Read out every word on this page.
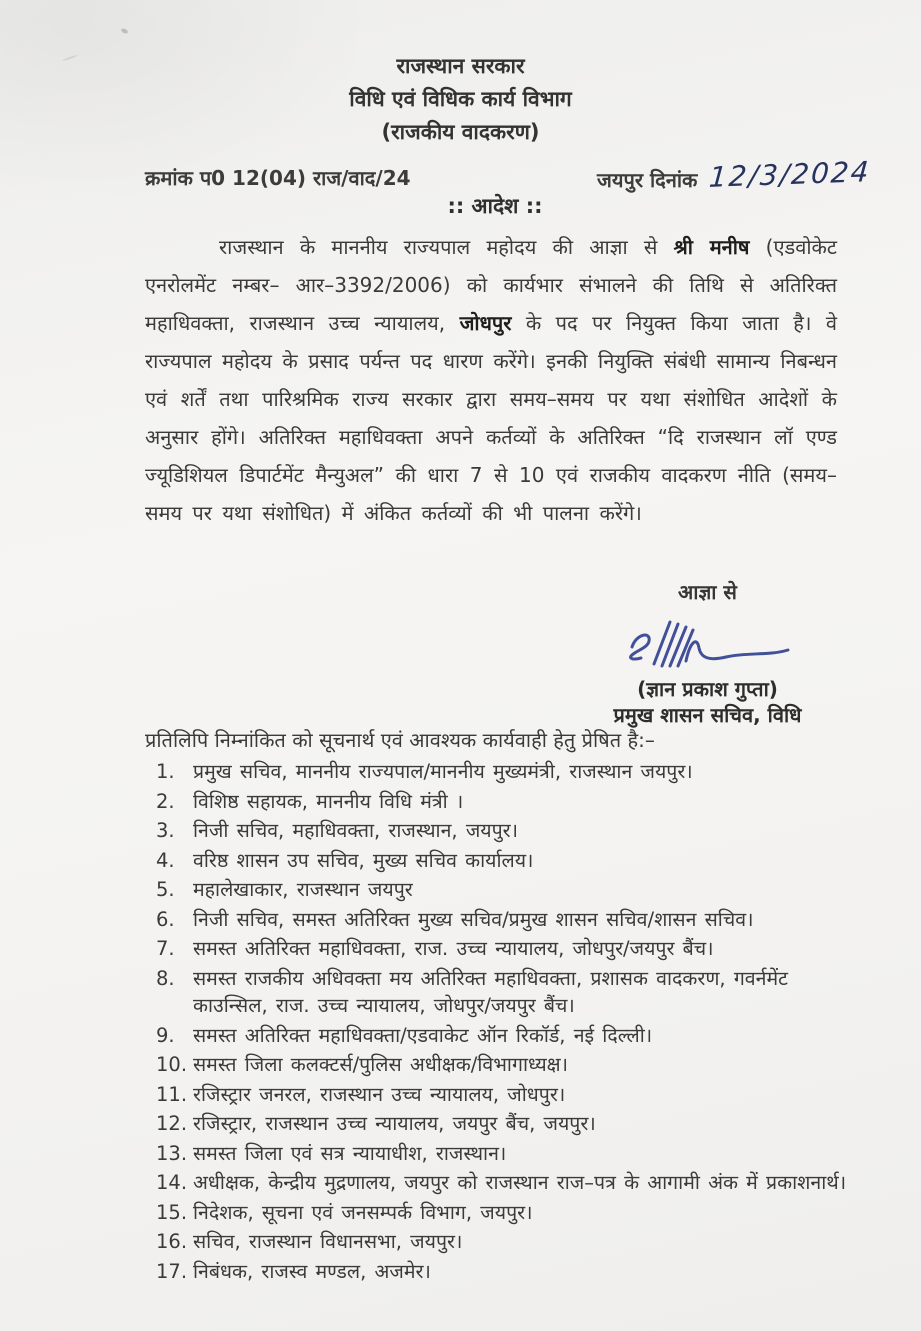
राजस्थान सरकार
विधि एवं विधिक कार्य विभाग
(राजकीय वादकरण)
क्रमांक प0 12(04) राज/वाद/24	जयपुर दिनांक 12/3/2024
:: आदेश ::

राजस्थान के माननीय राज्यपाल महोदय की आज्ञा से श्री मनीष (एडवोकेट एनरोलमेंट नम्बर– आर–3392/2006) को कार्यभार संभालने की तिथि से अतिरिक्त महाधिवक्ता, राजस्थान उच्च न्यायालय, जोधपुर के पद पर नियुक्त किया जाता है। वे राज्यपाल महोदय के प्रसाद पर्यन्त पद धारण करेंगे। इनकी नियुक्ति संबंधी सामान्य निबन्धन एवं शर्तें तथा पारिश्रमिक राज्य सरकार द्वारा समय–समय पर यथा संशोधित आदेशों के अनुसार होंगे। अतिरिक्त महाधिवक्ता अपने कर्तव्यों के अतिरिक्त “दि राजस्थान लॉ एण्ड ज्यूडिशियल डिपार्टमेंट मैन्युअल” की धारा 7 से 10 एवं राजकीय वादकरण नीति (समय–समय पर यथा संशोधित) में अंकित कर्तव्यों की भी पालना करेंगे।

आज्ञा से
(ज्ञान प्रकाश गुप्ता)
प्रमुख शासन सचिव, विधि
प्रतिलिपि निम्नांकित को सूचनार्थ एवं आवश्यक कार्यवाही हेतु प्रेषित है:–
1. प्रमुख सचिव, माननीय राज्यपाल/माननीय मुख्यमंत्री, राजस्थान जयपुर।
2. विशिष्ठ सहायक, माननीय विधि मंत्री ।
3. निजी सचिव, महाधिवक्ता, राजस्थान, जयपुर।
4. वरिष्ठ शासन उप सचिव, मुख्य सचिव कार्यालय।
5. महालेखाकार, राजस्थान जयपुर
6. निजी सचिव, समस्त अतिरिक्त मुख्य सचिव/प्रमुख शासन सचिव/शासन सचिव।
7. समस्त अतिरिक्त महाधिवक्ता, राज. उच्च न्यायालय, जोधपुर/जयपुर बैंच।
8. समस्त राजकीय अधिवक्ता मय अतिरिक्त महाधिवक्ता, प्रशासक वादकरण, गवर्नमेंट काउन्सिल, राज. उच्च न्यायालय, जोधपुर/जयपुर बैंच।
9. समस्त अतिरिक्त महाधिवक्ता/एडवाकेट ऑन रिकॉर्ड, नई दिल्ली।
10. समस्त जिला कलक्टर्स/पुलिस अधीक्षक/विभागाध्यक्ष।
11. रजिस्ट्रार जनरल, राजस्थान उच्च न्यायालय, जोधपुर।
12. रजिस्ट्रार, राजस्थान उच्च न्यायालय, जयपुर बैंच, जयपुर।
13. समस्त जिला एवं सत्र न्यायाधीश, राजस्थान।
14. अधीक्षक, केन्द्रीय मुद्रणालय, जयपुर को राजस्थान राज–पत्र के आगामी अंक में प्रकाशनार्थ।
15. निदेशक, सूचना एवं जनसम्पर्क विभाग, जयपुर।
16. सचिव, राजस्थान विधानसभा, जयपुर।
17. निबंधक, राजस्व मण्डल, अजमेर।
